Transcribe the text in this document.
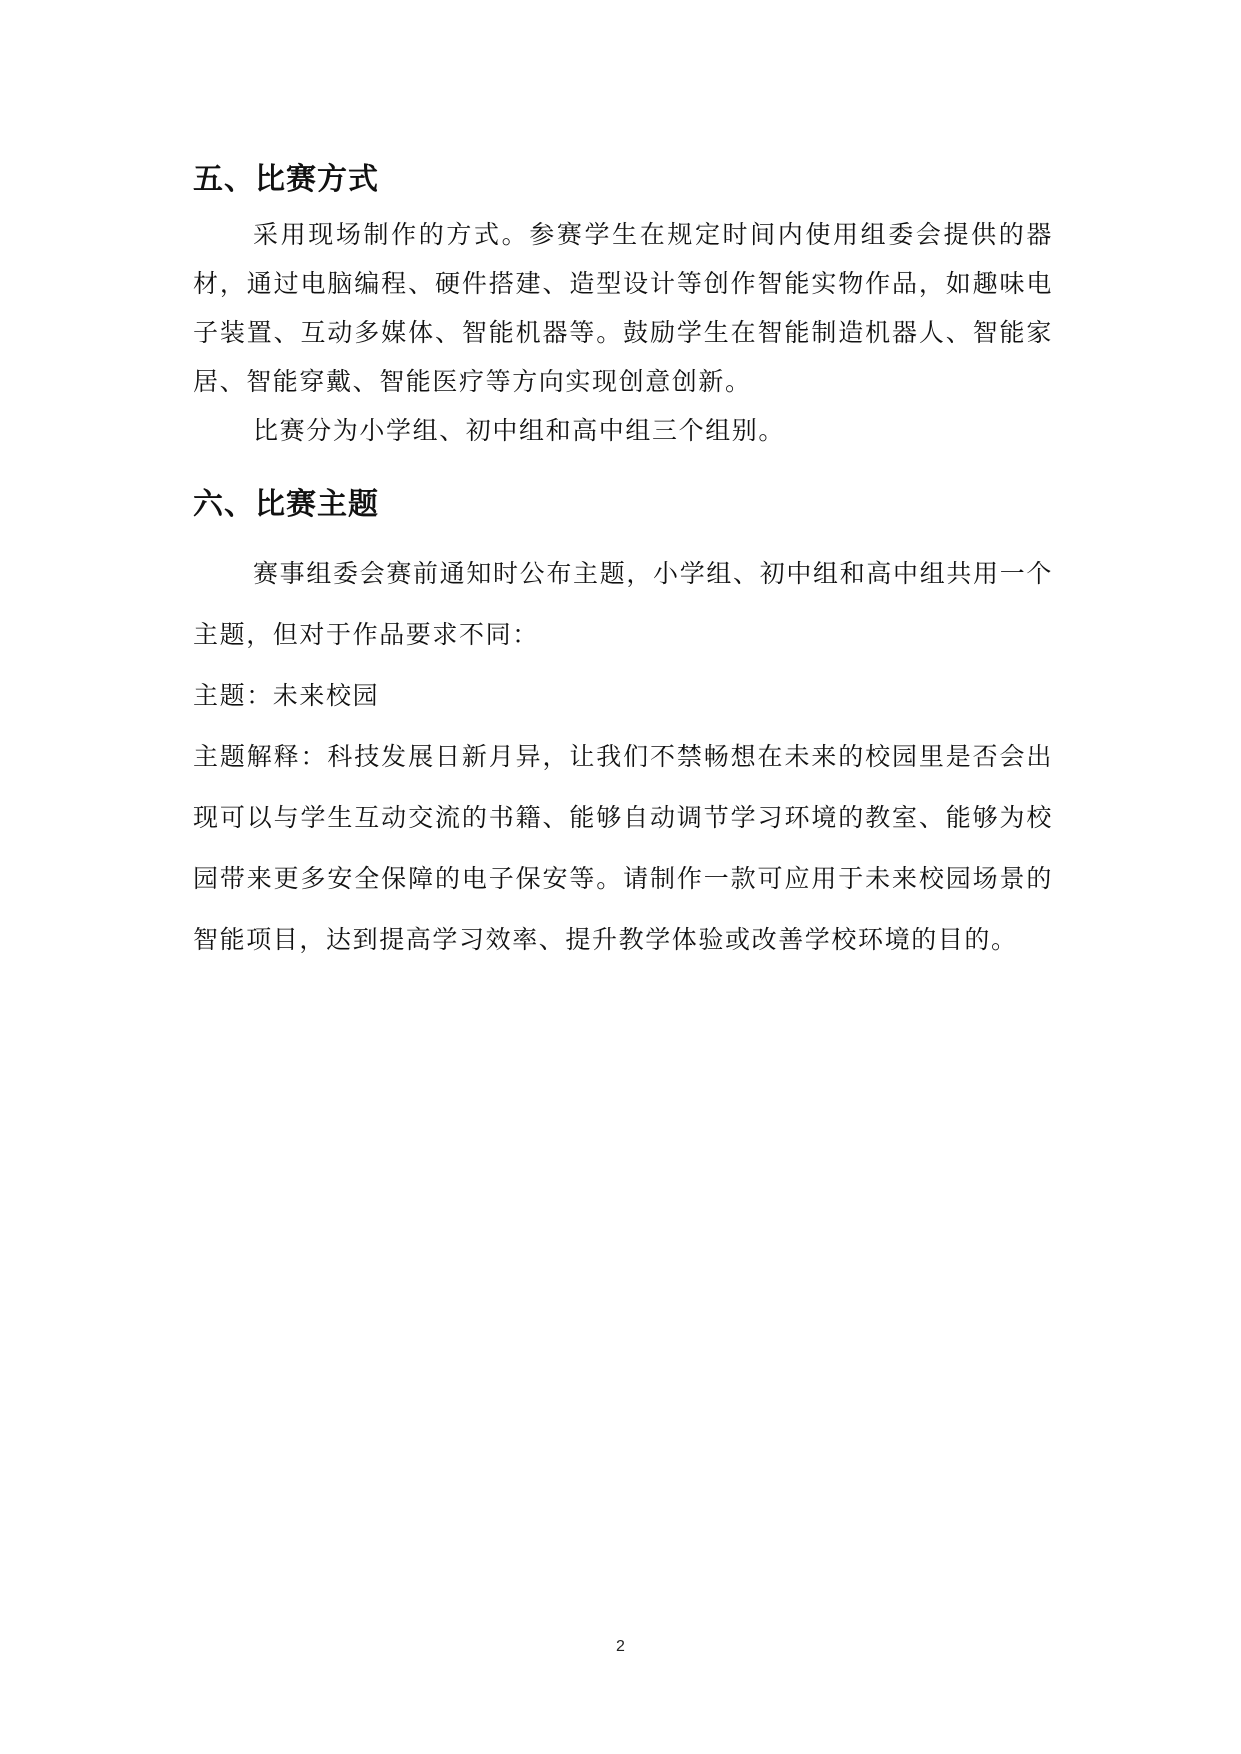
五、比赛方式

采用现场制作的方式。参赛学生在规定时间内使用组委会提供的器材，通过电脑编程、硬件搭建、造型设计等创作智能实物作品，如趣味电子装置、互动多媒体、智能机器等。鼓励学生在智能制造机器人、智能家居、智能穿戴、智能医疗等方向实现创意创新。

比赛分为小学组、初中组和高中组三个组别。

六、比赛主题

赛事组委会赛前通知时公布主题，小学组、初中组和高中组共用一个主题，但对于作品要求不同：

主题：未来校园

主题解释：科技发展日新月异，让我们不禁畅想在未来的校园里是否会出现可以与学生互动交流的书籍、能够自动调节学习环境的教室、能够为校园带来更多安全保障的电子保安等。请制作一款可应用于未来校园场景的智能项目，达到提高学习效率、提升教学体验或改善学校环境的目的。

2
